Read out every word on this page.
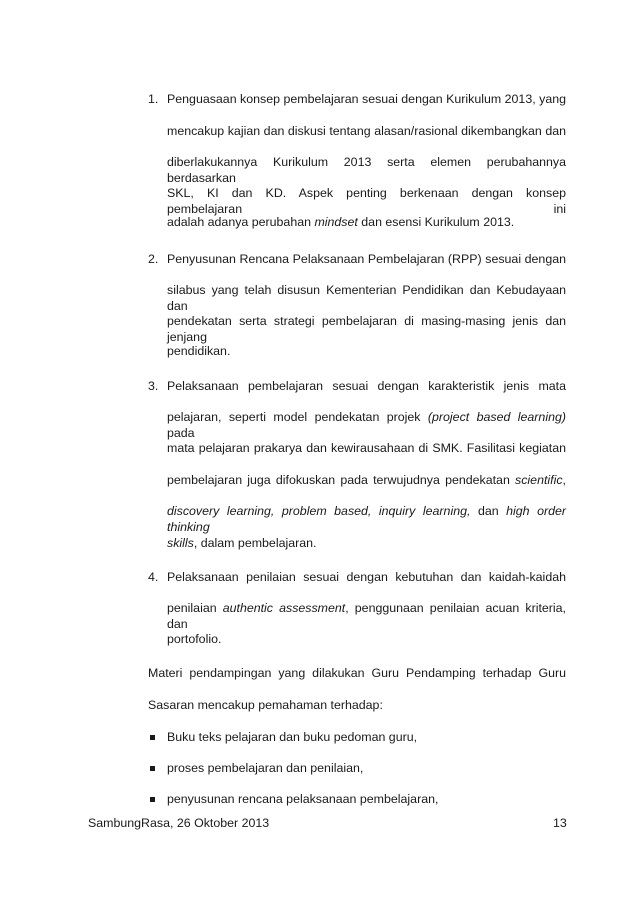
1. Penguasaan konsep pembelajaran sesuai dengan Kurikulum 2013, yang
mencakup kajian dan diskusi tentang alasan/rasional dikembangkan dan
diberlakukannya Kurikulum 2013 serta elemen perubahannya berdasarkan
SKL, KI dan KD. Aspek penting berkenaan dengan konsep pembelajaran ini
adalah adanya perubahan mindset dan esensi Kurikulum 2013.
2. Penyusunan Rencana Pelaksanaan Pembelajaran (RPP) sesuai dengan
silabus yang telah disusun Kementerian Pendidikan dan Kebudayaan dan
pendekatan serta strategi pembelajaran di masing-masing jenis dan jenjang
pendidikan.
3. Pelaksanaan pembelajaran sesuai dengan karakteristik jenis mata
pelajaran, seperti model pendekatan projek (project based learning) pada
mata pelajaran prakarya dan kewirausahaan di SMK. Fasilitasi kegiatan
pembelajaran juga difokuskan pada terwujudnya pendekatan scientific,
discovery learning, problem based, inquiry learning, dan high order thinking
skills, dalam pembelajaran.
4. Pelaksanaan penilaian sesuai dengan kebutuhan dan kaidah-kaidah
penilaian authentic assessment, penggunaan penilaian acuan kriteria, dan
portofolio.
Materi pendampingan yang dilakukan Guru Pendamping terhadap Guru
Sasaran mencakup pemahaman terhadap:
Buku teks pelajaran dan buku pedoman guru,
proses pembelajaran dan penilaian,
penyusunan rencana pelaksanaan pembelajaran,
SambungRasa, 26 Oktober 2013	13
